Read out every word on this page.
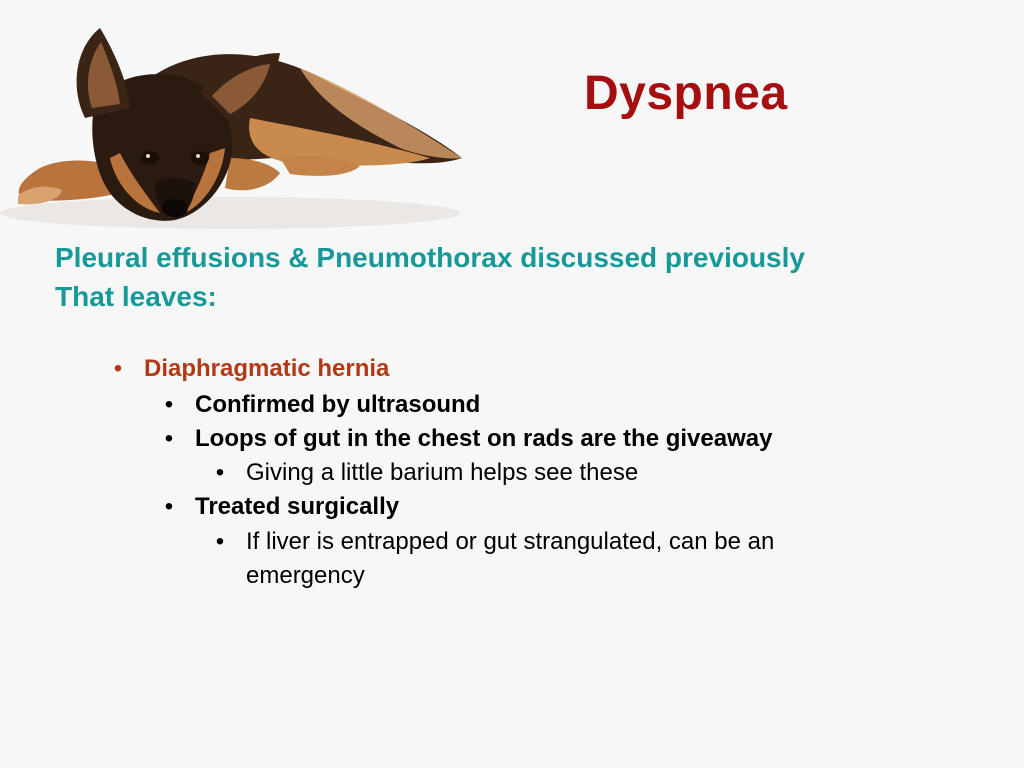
Dyspnea
Pleural effusions & Pneumothorax discussed previously
That leaves:
• Diaphragmatic hernia
• Confirmed by ultrasound
• Loops of gut in the chest on rads are the giveaway
• Giving a little barium helps see these
• Treated surgically
• If liver is entrapped or gut strangulated, can be an
emergency
